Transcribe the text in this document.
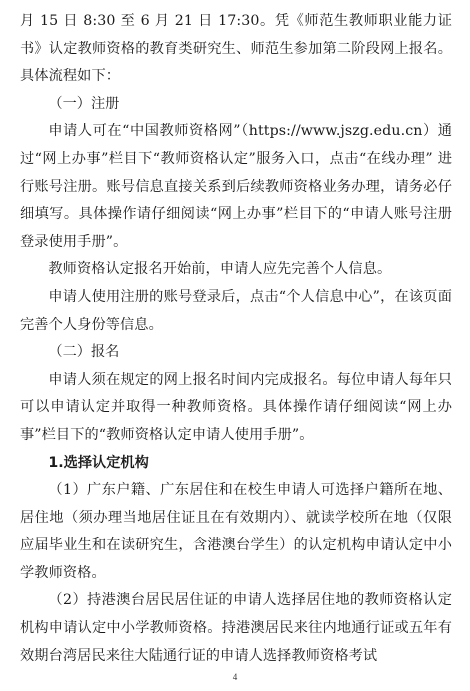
月 15 日 8:30 至 6 月 21 日 17:30。凭《师范生教师职业能力证书》认定教师资格的教育类研究生、师范生参加第二阶段网上报名。具体流程如下：

（一）注册

申请人可在“中国教师资格网”（https://www.jszg.edu.cn）通过“网上办事”栏目下“教师资格认定”服务入口，点击“在线办理” 进行账号注册。账号信息直接关系到后续教师资格业务办理，请务必仔细填写。具体操作请仔细阅读“网上办事”栏目下的“申请人账号注册登录使用手册”。

教师资格认定报名开始前，申请人应先完善个人信息。

申请人使用注册的账号登录后，点击“个人信息中心”，在该页面完善个人身份等信息。

（二）报名

申请人须在规定的网上报名时间内完成报名。每位申请人每年只可以申请认定并取得一种教师资格。具体操作请仔细阅读“网上办事”栏目下的“教师资格认定申请人使用手册”。

1.选择认定机构

（1）广东户籍、广东居住和在校生申请人可选择户籍所在地、居住地（须办理当地居住证且在有效期内）、就读学校所在地（仅限应届毕业生和在读研究生，含港澳台学生）的认定机构申请认定中小学教师资格。

（2）持港澳台居民居住证的申请人选择居住地的教师资格认定机构申请认定中小学教师资格。持港澳居民来往内地通行证或五年有效期台湾居民来往大陆通行证的申请人选择教师资格考试

4
